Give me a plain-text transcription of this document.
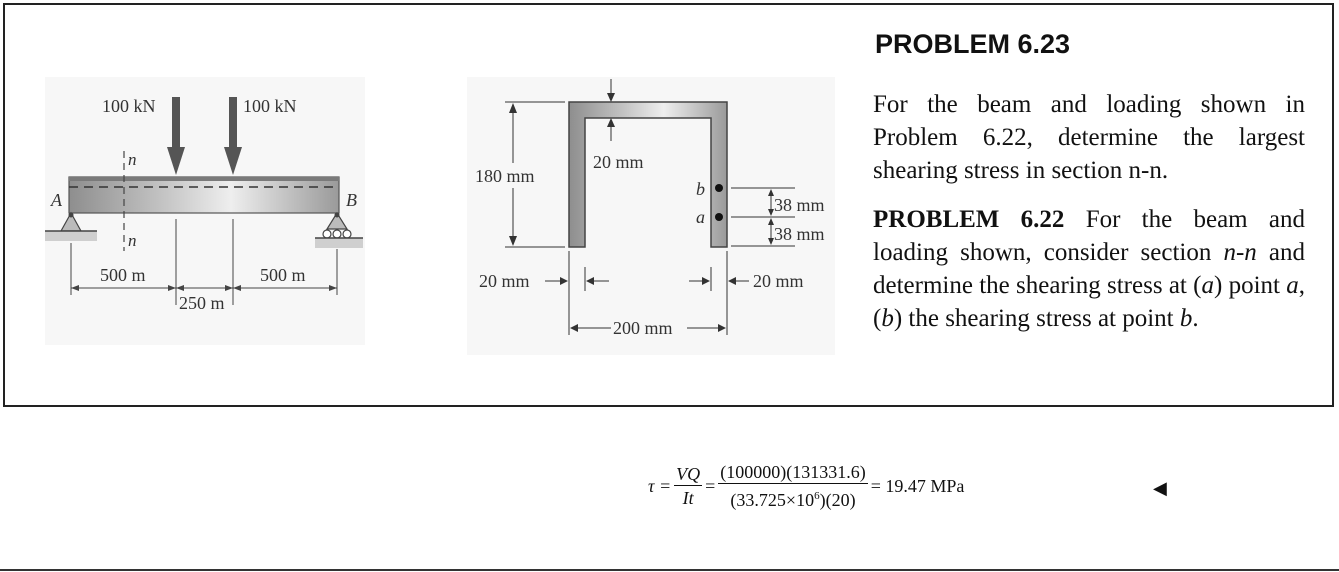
100 kN	100 kN
A	B
n
n
500 m	500 m
250 m
20 mm
180 mm
b
a
38 mm
38 mm
20 mm	20 mm
200 mm
PROBLEM 6.23

For the beam and loading shown in Problem 6.22, determine the largest shearing stress in section n-n.

PROBLEM 6.22 For the beam and loading shown, consider section n-n and determine the shearing stress at (a) point a, (b) the shearing stress at point b.

$\tau = \frac{VQ}{It} = \frac{(100000)(131331.6)}{(33.725\times 10^6)(20)} = 19.47$ MPa	◀
